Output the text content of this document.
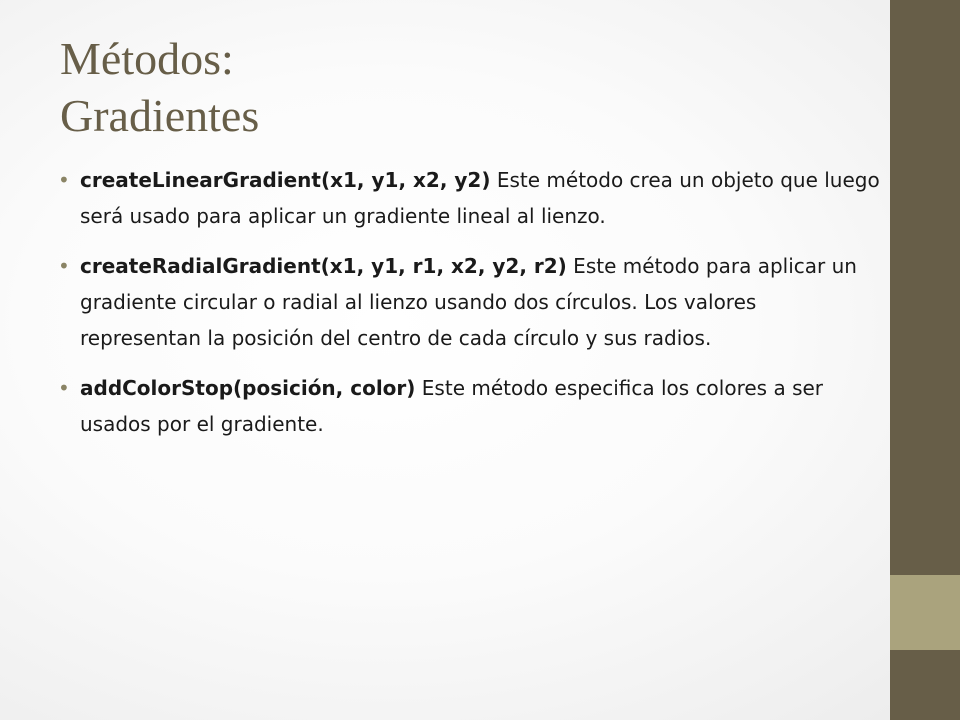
Métodos:
Gradientes
• createLinearGradient(x1, y1, x2, y2) Este método crea un objeto que luego será usado para aplicar un gradiente lineal al lienzo.
• createRadialGradient(x1, y1, r1, x2, y2, r2) Este método para aplicar un gradiente circular o radial al lienzo usando dos círculos. Los valores representan la posición del centro de cada círculo y sus radios.
• addColorStop(posición, color) Este método especifica los colores a ser usados por el gradiente.
